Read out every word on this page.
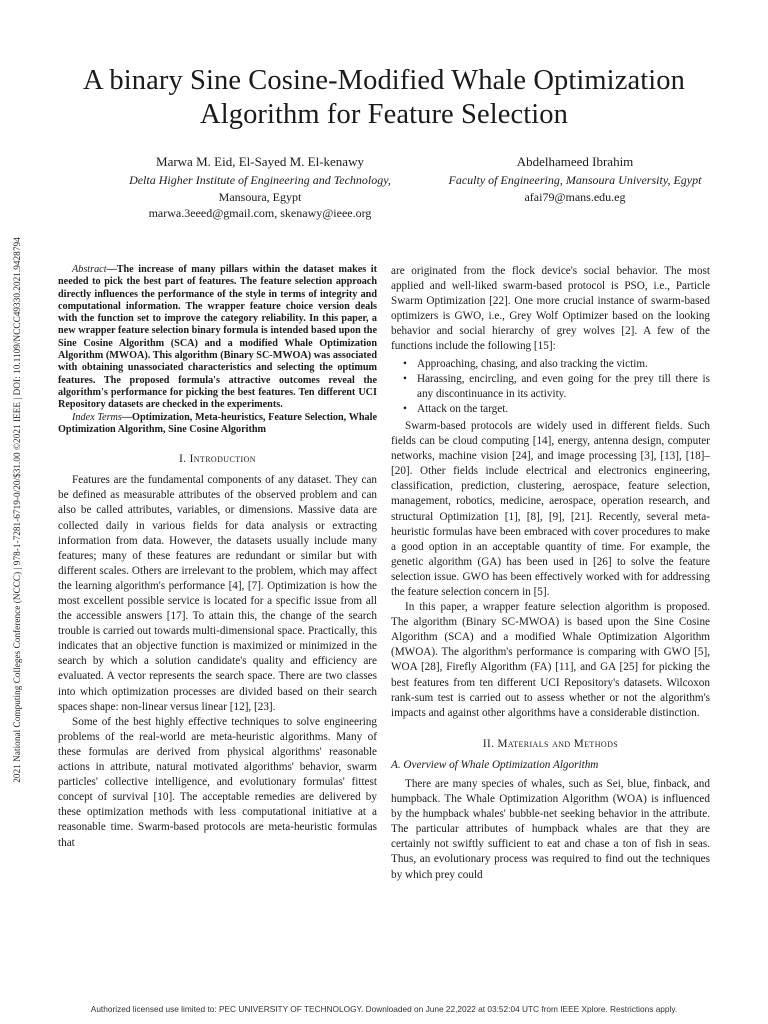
A binary Sine Cosine-Modified Whale Optimization
Algorithm for Feature Selection
Marwa M. Eid, El-Sayed M. El-kenawy
Delta Higher Institute of Engineering and Technology,
Mansoura, Egypt
marwa.3eeed@gmail.com, skenawy@ieee.org
Abdelhameed Ibrahim
Faculty of Engineering, Mansoura University, Egypt
afai79@mans.edu.eg
2021 National Computing Colleges Conference (NCCC) | 978-1-7281-6719-0/20/$31.00 ©2021 IEEE | DOI: 10.1109/NCCC49330.2021.9428794	Abstract—The increase of many pillars within the dataset makes it needed to pick the best part of features. The feature selection approach directly influences the performance of the style in terms of integrity and computational information. The wrapper feature choice version deals with the function set to improve the category reliability. In this paper, a new wrapper feature selection binary formula is intended based upon the Sine Cosine Algorithm (SCA) and a modified Whale Optimization Algorithm (MWOA). This algorithm (Binary SC-MWOA) was associated with obtaining unassociated characteristics and selecting the optimum features. The proposed formula's attractive outcomes reveal the algorithm's performance for picking the best features. Ten different UCI Repository datasets are checked in the experiments.

Index Terms—Optimization, Meta-heuristics, Feature Selection, Whale Optimization Algorithm, Sine Cosine Algorithm

I. Introduction

Features are the fundamental components of any dataset. They can be defined as measurable attributes of the observed problem and can also be called attributes, variables, or dimensions. Massive data are collected daily in various fields for data analysis or extracting information from data. However, the datasets usually include many features; many of these features are redundant or similar but with different scales. Others are irrelevant to the problem, which may affect the learning algorithm's performance [4], [7]. Optimization is how the most excellent possible service is located for a specific issue from all the accessible answers [17]. To attain this, the change of the search trouble is carried out towards multi-dimensional space. Practically, this indicates that an objective function is maximized or minimized in the search by which a solution candidate's quality and efficiency are evaluated. A vector represents the search space. There are two classes into which optimization processes are divided based on their search spaces shape: non-linear versus linear [12], [23].

Some of the best highly effective techniques to solve engineering problems of the real-world are meta-heuristic algorithms. Many of these formulas are derived from physical algorithms' reasonable actions in attribute, natural motivated algorithms' behavior, swarm particles' collective intelligence, and evolutionary formulas' fittest concept of survival [10]. The acceptable remedies are delivered by these optimization methods with less computational initiative at a reasonable time. Swarm-based protocols are meta-heuristic formulas that

are originated from the flock device's social behavior. The most applied and well-liked swarm-based protocol is PSO, i.e., Particle Swarm Optimization [22]. One more crucial instance of swarm-based optimizers is GWO, i.e., Grey Wolf Optimizer based on the looking behavior and social hierarchy of grey wolves [2]. A few of the functions include the following [15]:

• Approaching, chasing, and also tracking the victim.
• Harassing, encircling, and even going for the prey till there is any discontinuance in its activity.
• Attack on the target.

Swarm-based protocols are widely used in different fields. Such fields can be cloud computing [14], energy, antenna design, computer networks, machine vision [24], and image processing [3], [13], [18]–[20]. Other fields include electrical and electronics engineering, classification, prediction, clustering, aerospace, feature selection, management, robotics, medicine, aerospace, operation research, and structural Optimization [1], [8], [9], [21]. Recently, several meta-heuristic formulas have been embraced with cover procedures to make a good option in an acceptable quantity of time. For example, the genetic algorithm (GA) has been used in [26] to solve the feature selection issue. GWO has been effectively worked with for addressing the feature selection concern in [5].

In this paper, a wrapper feature selection algorithm is proposed. The algorithm (Binary SC-MWOA) is based upon the Sine Cosine Algorithm (SCA) and a modified Whale Optimization Algorithm (MWOA). The algorithm's performance is comparing with GWO [5], WOA [28], Firefly Algorithm (FA) [11], and GA [25] for picking the best features from ten different UCI Repository's datasets. Wilcoxon rank-sum test is carried out to assess whether or not the algorithm's impacts and against other algorithms have a considerable distinction.

II. Materials and Methods
A. Overview of Whale Optimization Algorithm

There are many species of whales, such as Sei, blue, finback, and humpback. The Whale Optimization Algorithm (WOA) is influenced by the humpback whales' bubble-net seeking behavior in the attribute. The particular attributes of humpback whales are that they are certainly not swiftly sufficient to eat and chase a ton of fish in seas. Thus, an evolutionary process was required to find out the techniques by which prey could

Authorized licensed use limited to: PEC UNIVERSITY OF TECHNOLOGY. Downloaded on June 22,2022 at 03:52:04 UTC from IEEE Xplore. Restrictions apply.
